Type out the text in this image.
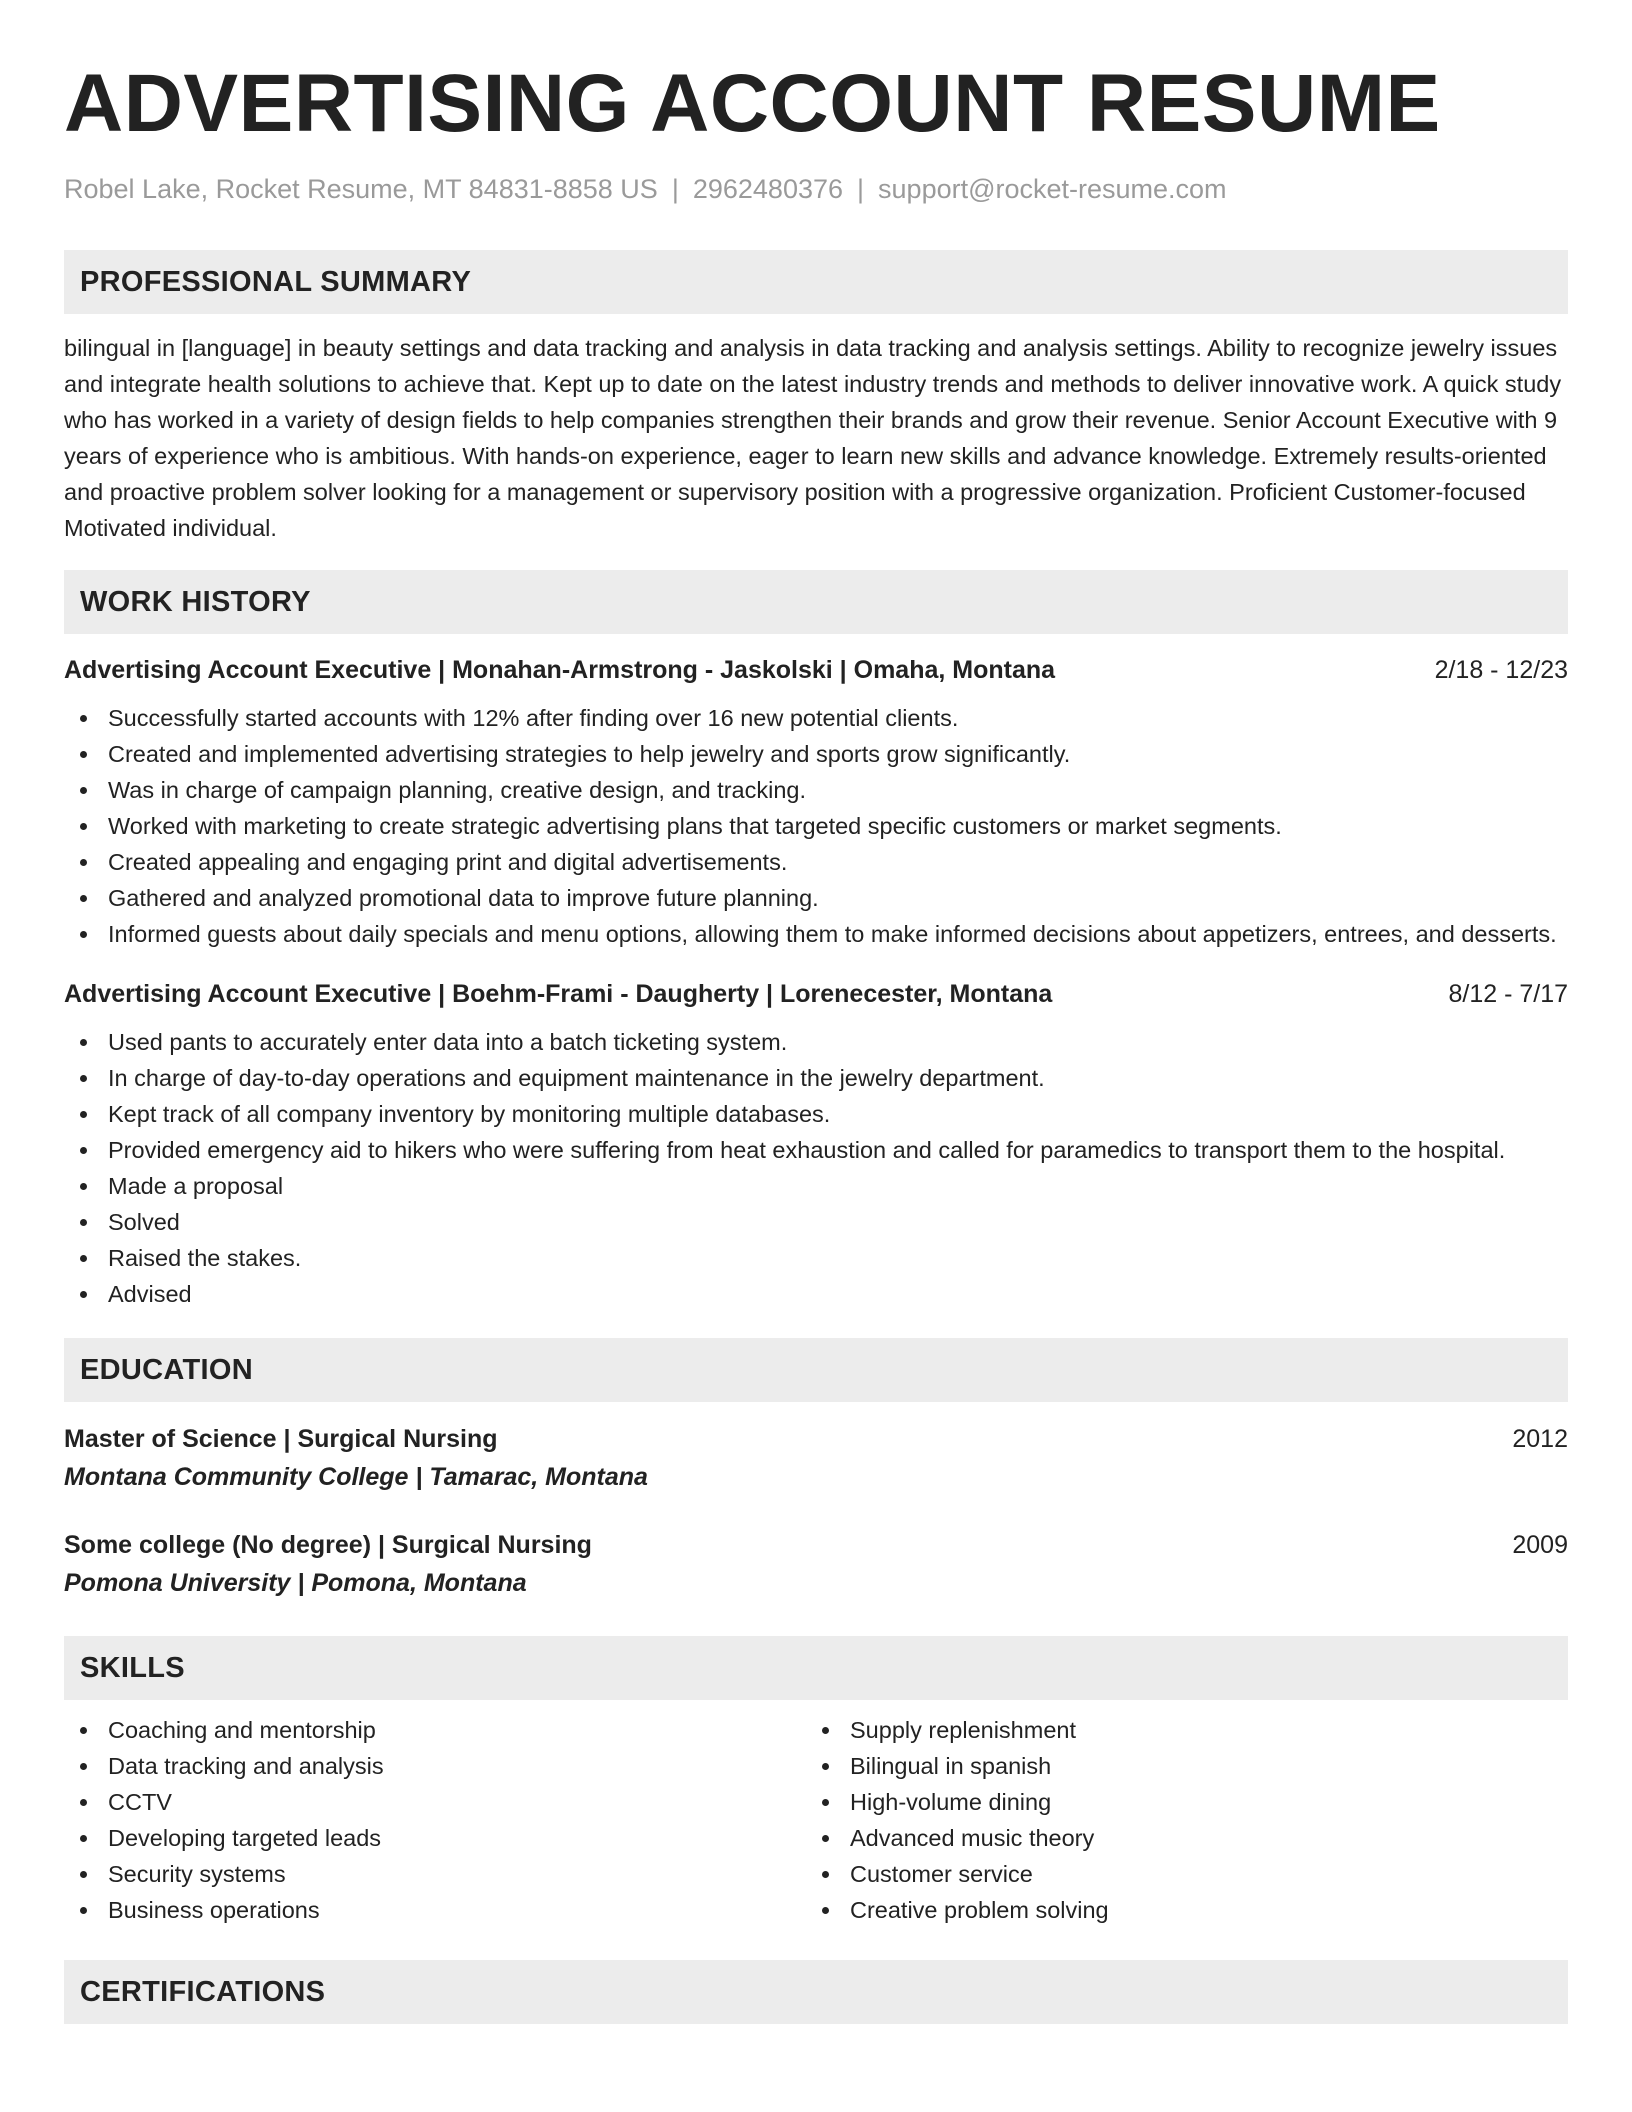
ADVERTISING ACCOUNT RESUME
Robel Lake, Rocket Resume, MT 84831-8858 US | 2962480376 | support@rocket-resume.com
PROFESSIONAL SUMMARY

bilingual in [language] in beauty settings and data tracking and analysis in data tracking and analysis settings. Ability to recognize jewelry issues and integrate health solutions to achieve that. Kept up to date on the latest industry trends and methods to deliver innovative work. A quick study who has worked in a variety of design fields to help companies strengthen their brands and grow their revenue. Senior Account Executive with 9 years of experience who is ambitious. With hands-on experience, eager to learn new skills and advance knowledge. Extremely results-oriented and proactive problem solver looking for a management or supervisory position with a progressive organization. Proficient Customer-focused Motivated individual.

WORK HISTORY
Advertising Account Executive | Monahan-Armstrong - Jaskolski | Omaha, Montana	2/18 - 12/23
Successfully started accounts with 12% after finding over 16 new potential clients.
Created and implemented advertising strategies to help jewelry and sports grow significantly.
Was in charge of campaign planning, creative design, and tracking.
Worked with marketing to create strategic advertising plans that targeted specific customers or market segments.
Created appealing and engaging print and digital advertisements.
Gathered and analyzed promotional data to improve future planning.
Informed guests about daily specials and menu options, allowing them to make informed decisions about appetizers, entrees, and desserts.
Advertising Account Executive | Boehm-Frami - Daugherty | Lorenecester, Montana	8/12 - 7/17
Used pants to accurately enter data into a batch ticketing system.
In charge of day-to-day operations and equipment maintenance in the jewelry department.
Kept track of all company inventory by monitoring multiple databases.
Provided emergency aid to hikers who were suffering from heat exhaustion and called for paramedics to transport them to the hospital.
Made a proposal
Solved
Raised the stakes.
Advised
EDUCATION
Master of Science | Surgical Nursing	2012
Montana Community College | Tamarac, Montana
Some college (No degree) | Surgical Nursing	2009
Pomona University | Pomona, Montana
SKILLS
Coaching and mentorship
Data tracking and analysis
CCTV
Developing targeted leads
Security systems
Business operations
Supply replenishment
Bilingual in spanish
High-volume dining
Advanced music theory
Customer service
Creative problem solving
CERTIFICATIONS
